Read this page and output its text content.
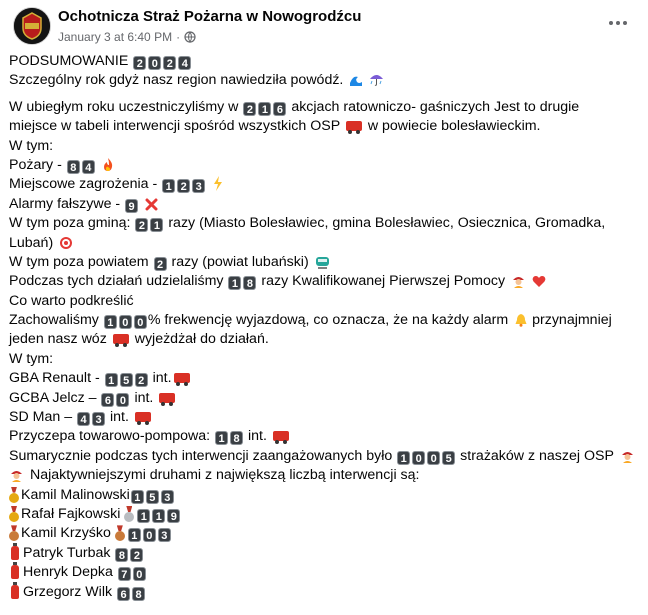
Ochotnicza Straż Pożarna w Nowogrodźcu
January 3 at 6:40 PM ·
PODSUMOWANIE 2 0 2 4
Szczególny rok gdyż nasz region nawiedziła powódź.
W ubiegłym roku uczestniczyliśmy w 2 1 6 akcjach ratowniczo- gaśniczych Jest to drugie
miejsce w tabeli interwencji spośród wszystkich OSP w powiecie bolesławieckim.
W tym:
Pożary - 8 4
Miejscowe zagrożenia - 1 2 3
Alarmy fałszywe - 9
W tym poza gminą: 2 1 razy (Miasto Bolesławiec, gmina Bolesławiec, Osiecznica, Gromadka,
Lubań)
W tym poza powiatem 2 razy (powiat lubański)
Podczas tych działań udzielaliśmy 1 8 razy Kwalifikowanej Pierwszej Pomocy
Co warto podkreślić
Zachowaliśmy 1 0 0 % frekwencję wyjazdową, co oznacza, że na każdy alarm przynajmniej
jeden nasz wóz  wyjeżdżał do działań.
W tym:
GBA Renault - 1 5 2 int.
GCBA Jelcz – 6 0 int.
SD Man – 4 3 int.
Przyczepa towarowo-pompowa: 1 8 int.
Sumarycznie podczas tych interwencji zaangażowanych było 1 0 0 5 strażaków z naszej OSP
Najaktywniejszymi druhami z największą liczbą interwencji są:
Kamil Malinowski 1 5 3
Rafał Fajkowski 1 1 9
Kamil Krzyśko 1 0 3
Patryk Turbak 8 2
Henryk Depka 7 0
Grzegorz Wilk 6 8
